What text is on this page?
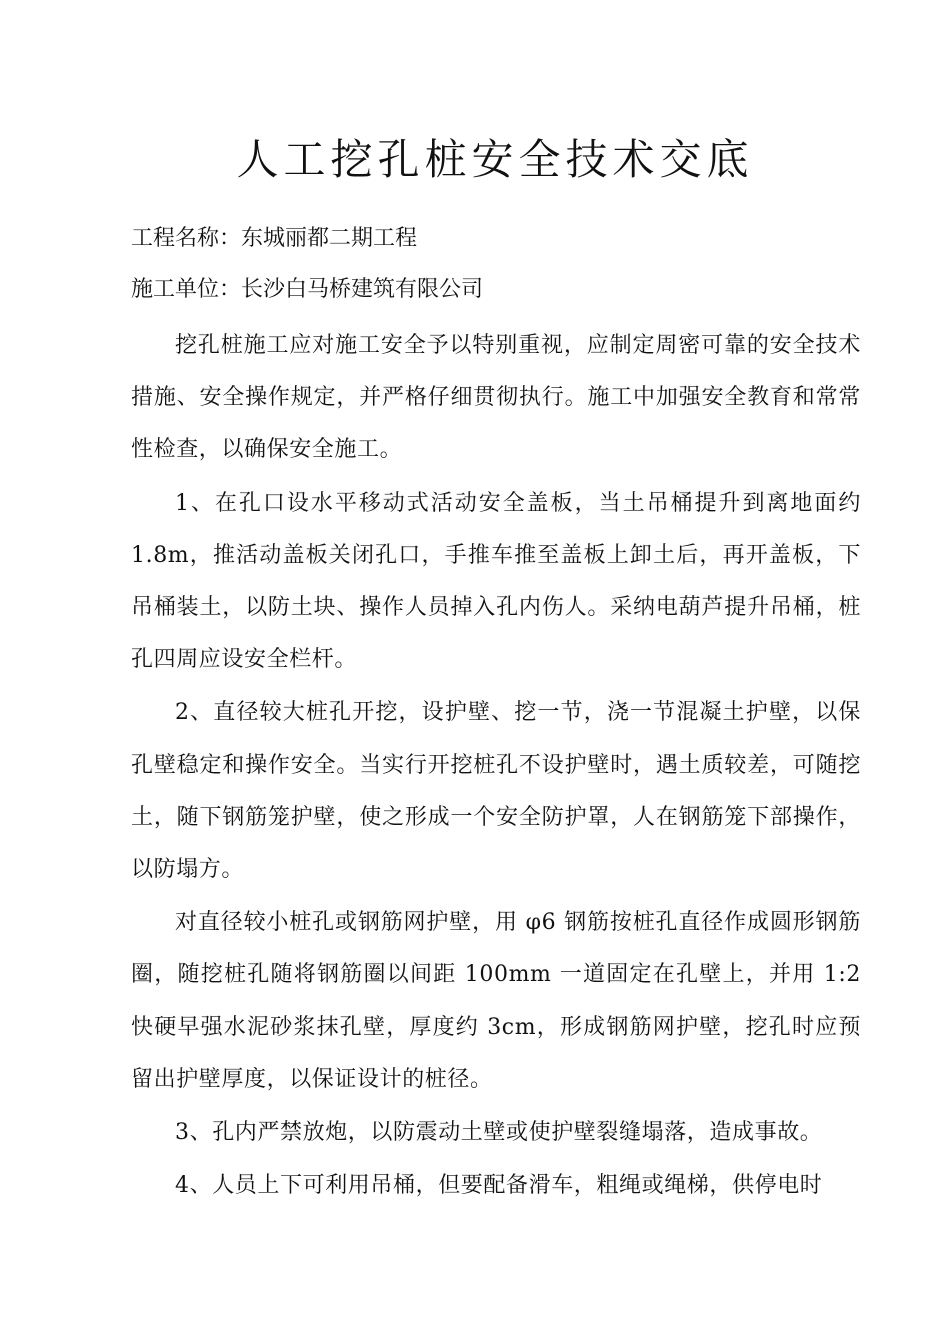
人工挖孔桩安全技术交底

工程名称：东城丽都二期工程

施工单位：长沙白马桥建筑有限公司

挖孔桩施工应对施工安全予以特别重视，应制定周密可靠的安全技术措施、安全操作规定，并严格仔细贯彻执行。施工中加强安全教育和常常性检查，以确保安全施工。

1、在孔口设水平移动式活动安全盖板，当土吊桶提升到离地面约1.8m，推活动盖板关闭孔口，手推车推至盖板上卸土后，再开盖板，下吊桶装土，以防土块、操作人员掉入孔内伤人。采纳电葫芦提升吊桶，桩孔四周应设安全栏杆。

2、直径较大桩孔开挖，设护壁、挖一节，浇一节混凝土护壁，以保孔壁稳定和操作安全。当实行开挖桩孔不设护壁时，遇土质较差，可随挖土，随下钢筋笼护壁，使之形成一个安全防护罩，人在钢筋笼下部操作，以防塌方。

对直径较小桩孔或钢筋网护壁，用 φ6 钢筋按桩孔直径作成圆形钢筋圈，随挖桩孔随将钢筋圈以间距 100mm 一道固定在孔壁上，并用 1:2 快硬早强水泥砂浆抹孔壁，厚度约 3cm，形成钢筋网护壁，挖孔时应预留出护壁厚度，以保证设计的桩径。

3、孔内严禁放炮，以防震动土壁或使护壁裂缝塌落，造成事故。

4、人员上下可利用吊桶，但要配备滑车，粗绳或绳梯，供停电时
